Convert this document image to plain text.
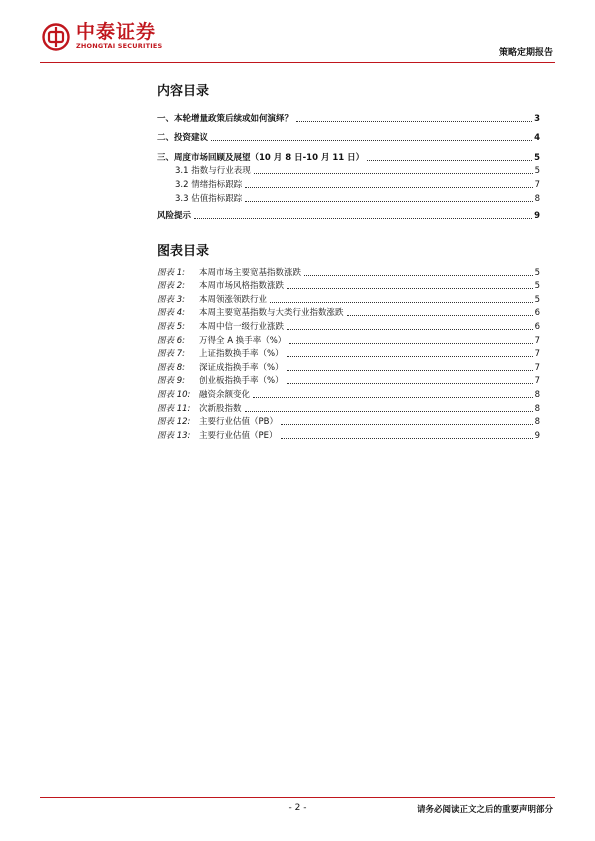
中泰证券
ZHONGTAI SECURITIES
策略定期报告
内容目录
一、本轮增量政策后续或如何演绎？	3
二、投资建议	4
三、周度市场回顾及展望（10 月 8 日-10 月 11 日）	5
3.1 指数与行业表现	5
3.2 情绪指标跟踪	7
3.3 估值指标跟踪	8
风险提示	9
图表目录
图表 1: 本周市场主要宽基指数涨跌	5
图表 2: 本周市场风格指数涨跌	5
图表 3: 本周领涨领跌行业	5
图表 4: 本周主要宽基指数与大类行业指数涨跌	6
图表 5: 本周中信一级行业涨跌	6
图表 6: 万得全 A 换手率（%）	7
图表 7: 上证指数换手率（%）	7
图表 8: 深证成指换手率（%）	7
图表 9: 创业板指换手率（%）	7
图表 10: 融资余额变化	8
图表 11: 次新股指数	8
图表 12: 主要行业估值（PB）	8
图表 13: 主要行业估值（PE）	9
- 2 -	请务必阅读正文之后的重要声明部分
